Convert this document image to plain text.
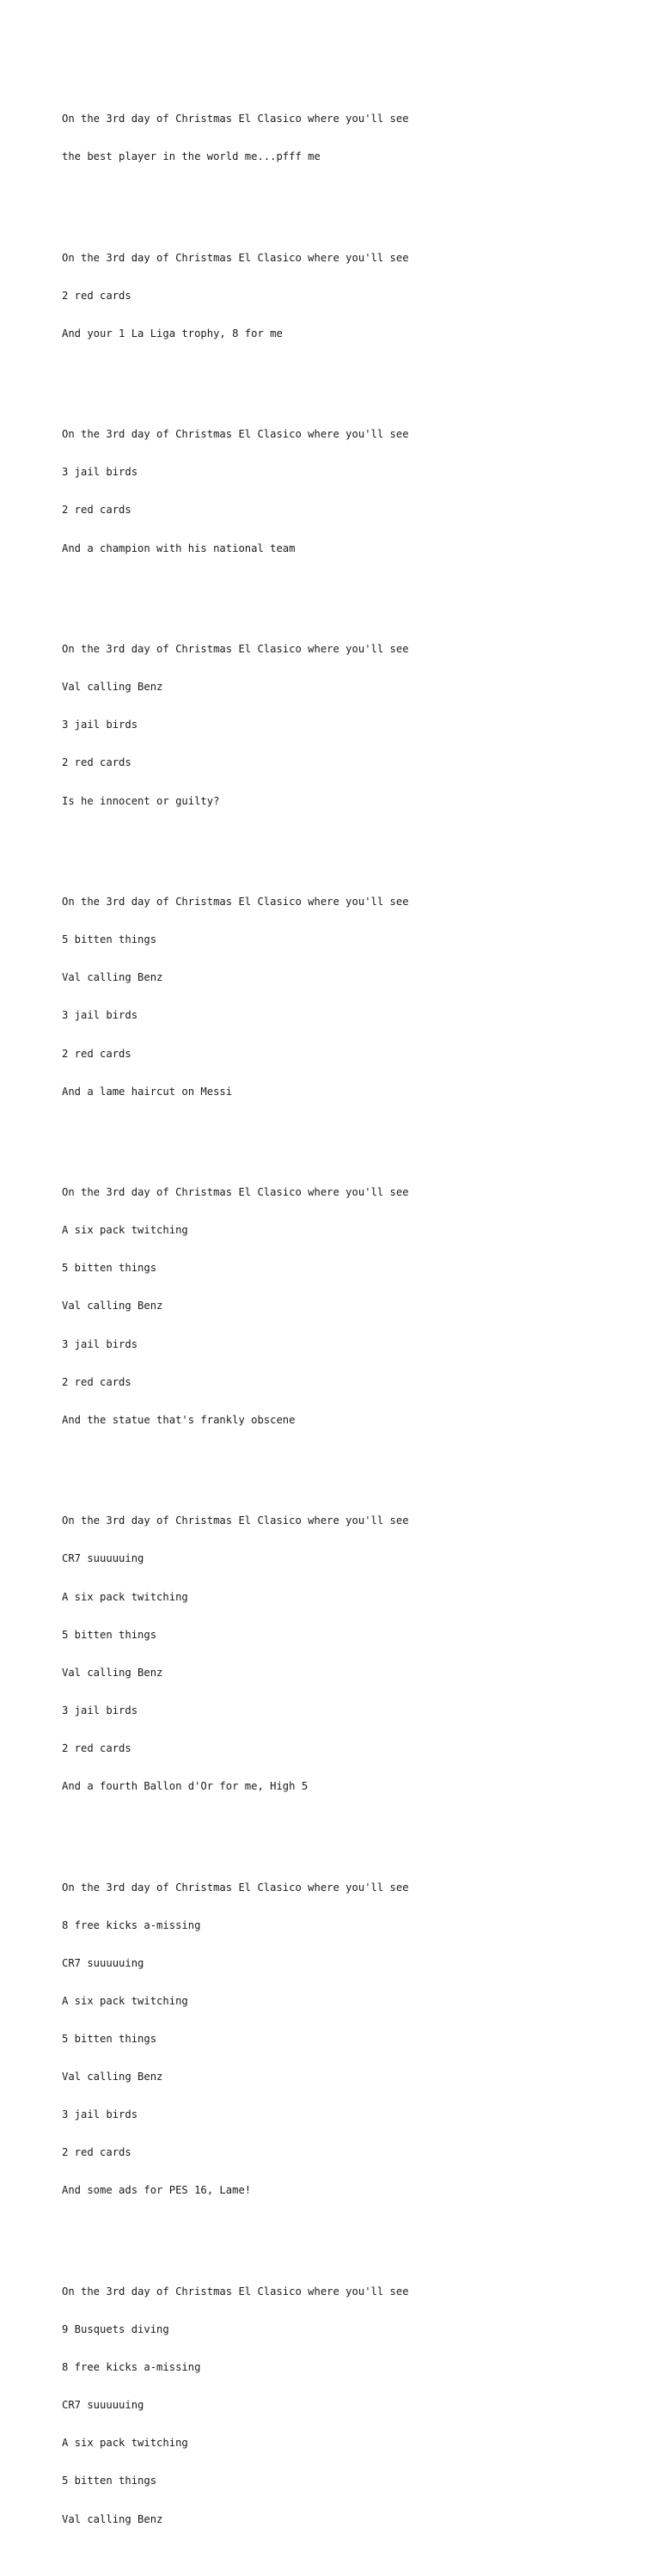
On the 3rd day of Christmas El Clasico where you'll see

the best player in the world me...pfff me

On the 3rd day of Christmas El Clasico where you'll see

2 red cards

And your 1 La Liga trophy, 8 for me

On the 3rd day of Christmas El Clasico where you'll see

3 jail birds

2 red cards

And a champion with his national team

On the 3rd day of Christmas El Clasico where you'll see

Val calling Benz

3 jail birds

2 red cards

Is he innocent or guilty?

On the 3rd day of Christmas El Clasico where you'll see

5 bitten things

Val calling Benz

3 jail birds

2 red cards

And a lame haircut on Messi

On the 3rd day of Christmas El Clasico where you'll see

A six pack twitching

5 bitten things

Val calling Benz

3 jail birds

2 red cards

And the statue that's frankly obscene

On the 3rd day of Christmas El Clasico where you'll see

CR7 suuuuuing

A six pack twitching

5 bitten things

Val calling Benz

3 jail birds

2 red cards

And a fourth Ballon d'Or for me, High 5

On the 3rd day of Christmas El Clasico where you'll see

8 free kicks a-missing

CR7 suuuuuing

A six pack twitching

5 bitten things

Val calling Benz

3 jail birds

2 red cards

And some ads for PES 16, Lame!

On the 3rd day of Christmas El Clasico where you'll see

9 Busquets diving

8 free kicks a-missing

CR7 suuuuuing

A six pack twitching

5 bitten things

Val calling Benz
